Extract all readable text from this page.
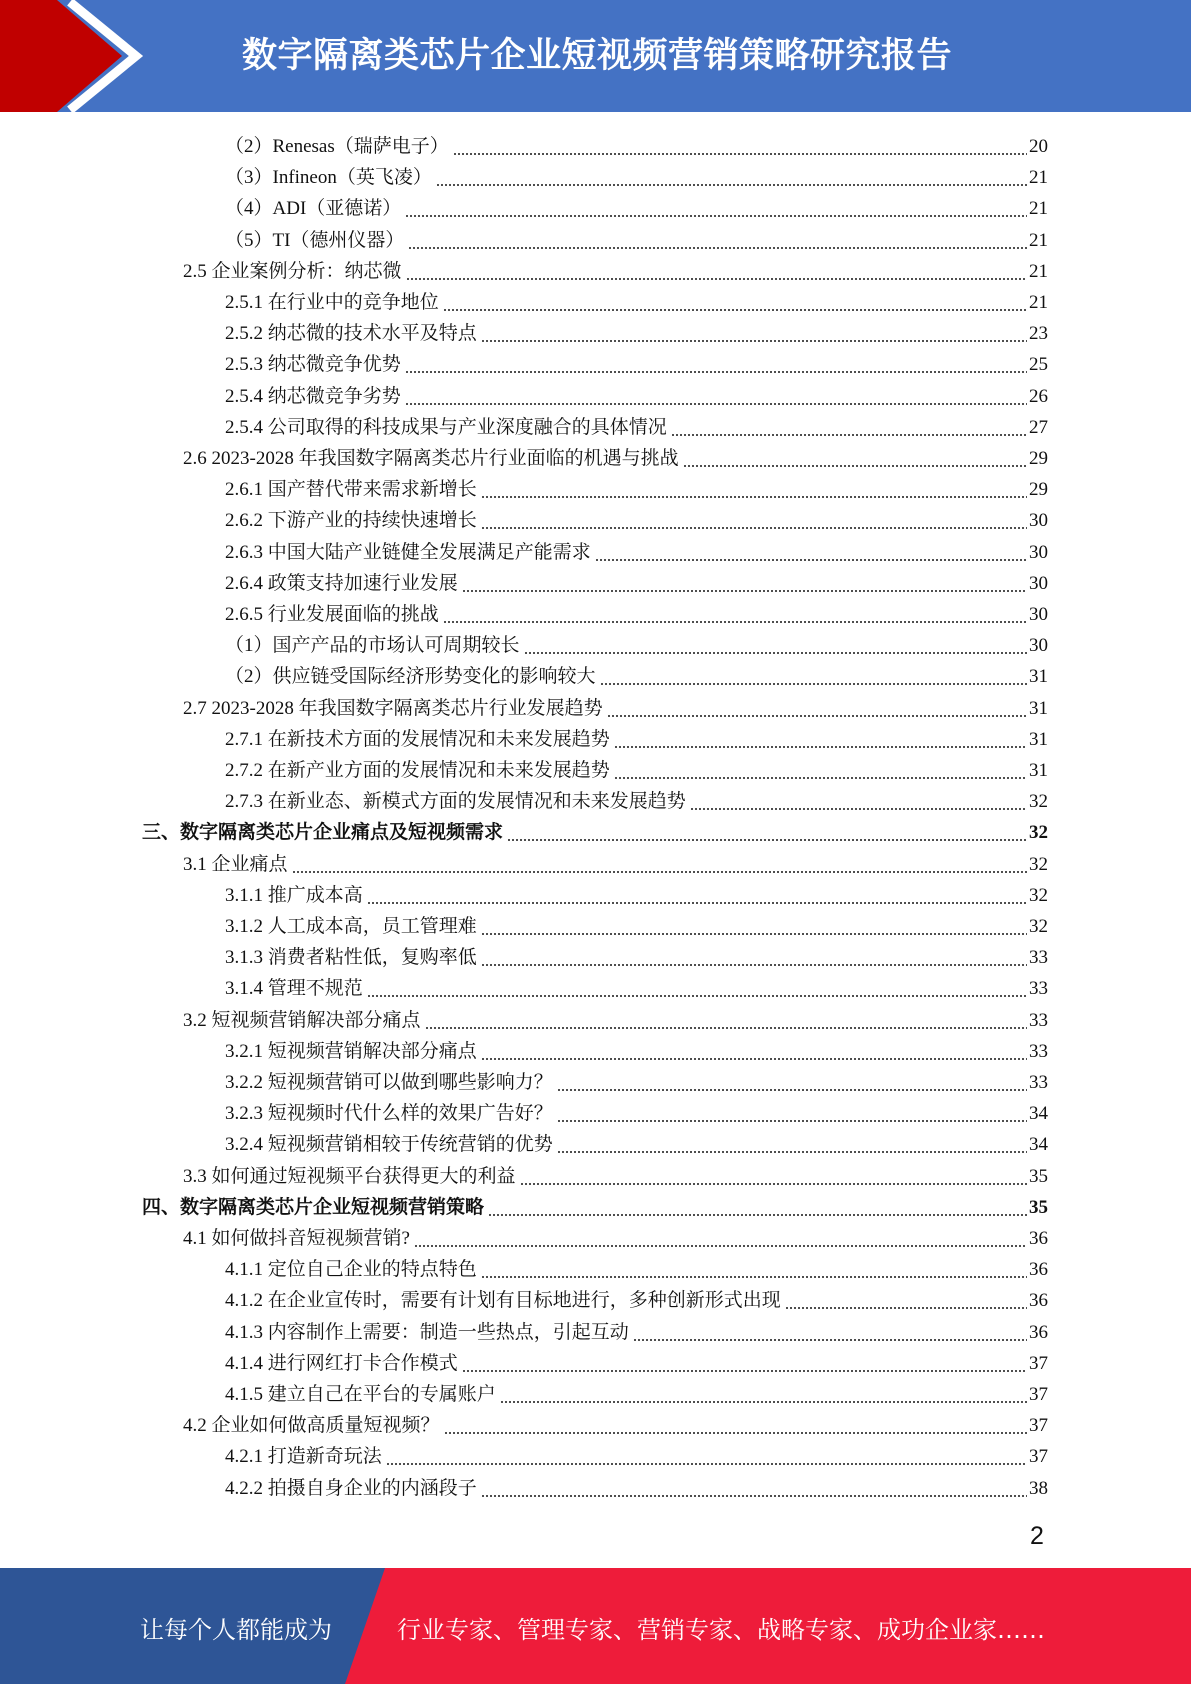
数字隔离类芯片企业短视频营销策略研究报告
（2）Renesas（瑞萨电子）	20
（3）Infineon（英飞凌）	21
（4）ADI（亚德诺）	21
（5）TI（德州仪器）	21
2.5 企业案例分析：纳芯微	21
2.5.1 在行业中的竞争地位	21
2.5.2 纳芯微的技术水平及特点	23
2.5.3 纳芯微竞争优势	25
2.5.4 纳芯微竞争劣势	26
2.5.4 公司取得的科技成果与产业深度融合的具体情况	27
2.6 2023-2028 年我国数字隔离类芯片行业面临的机遇与挑战	29
2.6.1 国产替代带来需求新增长	29
2.6.2 下游产业的持续快速增长	30
2.6.3 中国大陆产业链健全发展满足产能需求	30
2.6.4 政策支持加速行业发展	30
2.6.5 行业发展面临的挑战	30
（1）国产产品的市场认可周期较长	30
（2）供应链受国际经济形势变化的影响较大	31
2.7 2023-2028 年我国数字隔离类芯片行业发展趋势	31
2.7.1 在新技术方面的发展情况和未来发展趋势	31
2.7.2 在新产业方面的发展情况和未来发展趋势	31
2.7.3 在新业态、新模式方面的发展情况和未来发展趋势	32
三、数字隔离类芯片企业痛点及短视频需求	32
3.1 企业痛点	32
3.1.1 推广成本高	32
3.1.2 人工成本高，员工管理难	32
3.1.3 消费者粘性低，复购率低	33
3.1.4 管理不规范	33
3.2 短视频营销解决部分痛点	33
3.2.1 短视频营销解决部分痛点	33
3.2.2 短视频营销可以做到哪些影响力？	33
3.2.3 短视频时代什么样的效果广告好？	34
3.2.4 短视频营销相较于传统营销的优势	34
3.3 如何通过短视频平台获得更大的利益	35
四、数字隔离类芯片企业短视频营销策略	35
4.1 如何做抖音短视频营销?	36
4.1.1 定位自己企业的特点特色	36
4.1.2 在企业宣传时，需要有计划有目标地进行，多种创新形式出现	36
4.1.3 内容制作上需要：制造一些热点，引起互动	36
4.1.4 进行网红打卡合作模式	37
4.1.5 建立自己在平台的专属账户	37
4.2 企业如何做高质量短视频？	37
4.2.1 打造新奇玩法	37
4.2.2 拍摄自身企业的内涵段子	38
2
让每个人都能成为	行业专家、管理专家、营销专家、战略专家、成功企业家……
